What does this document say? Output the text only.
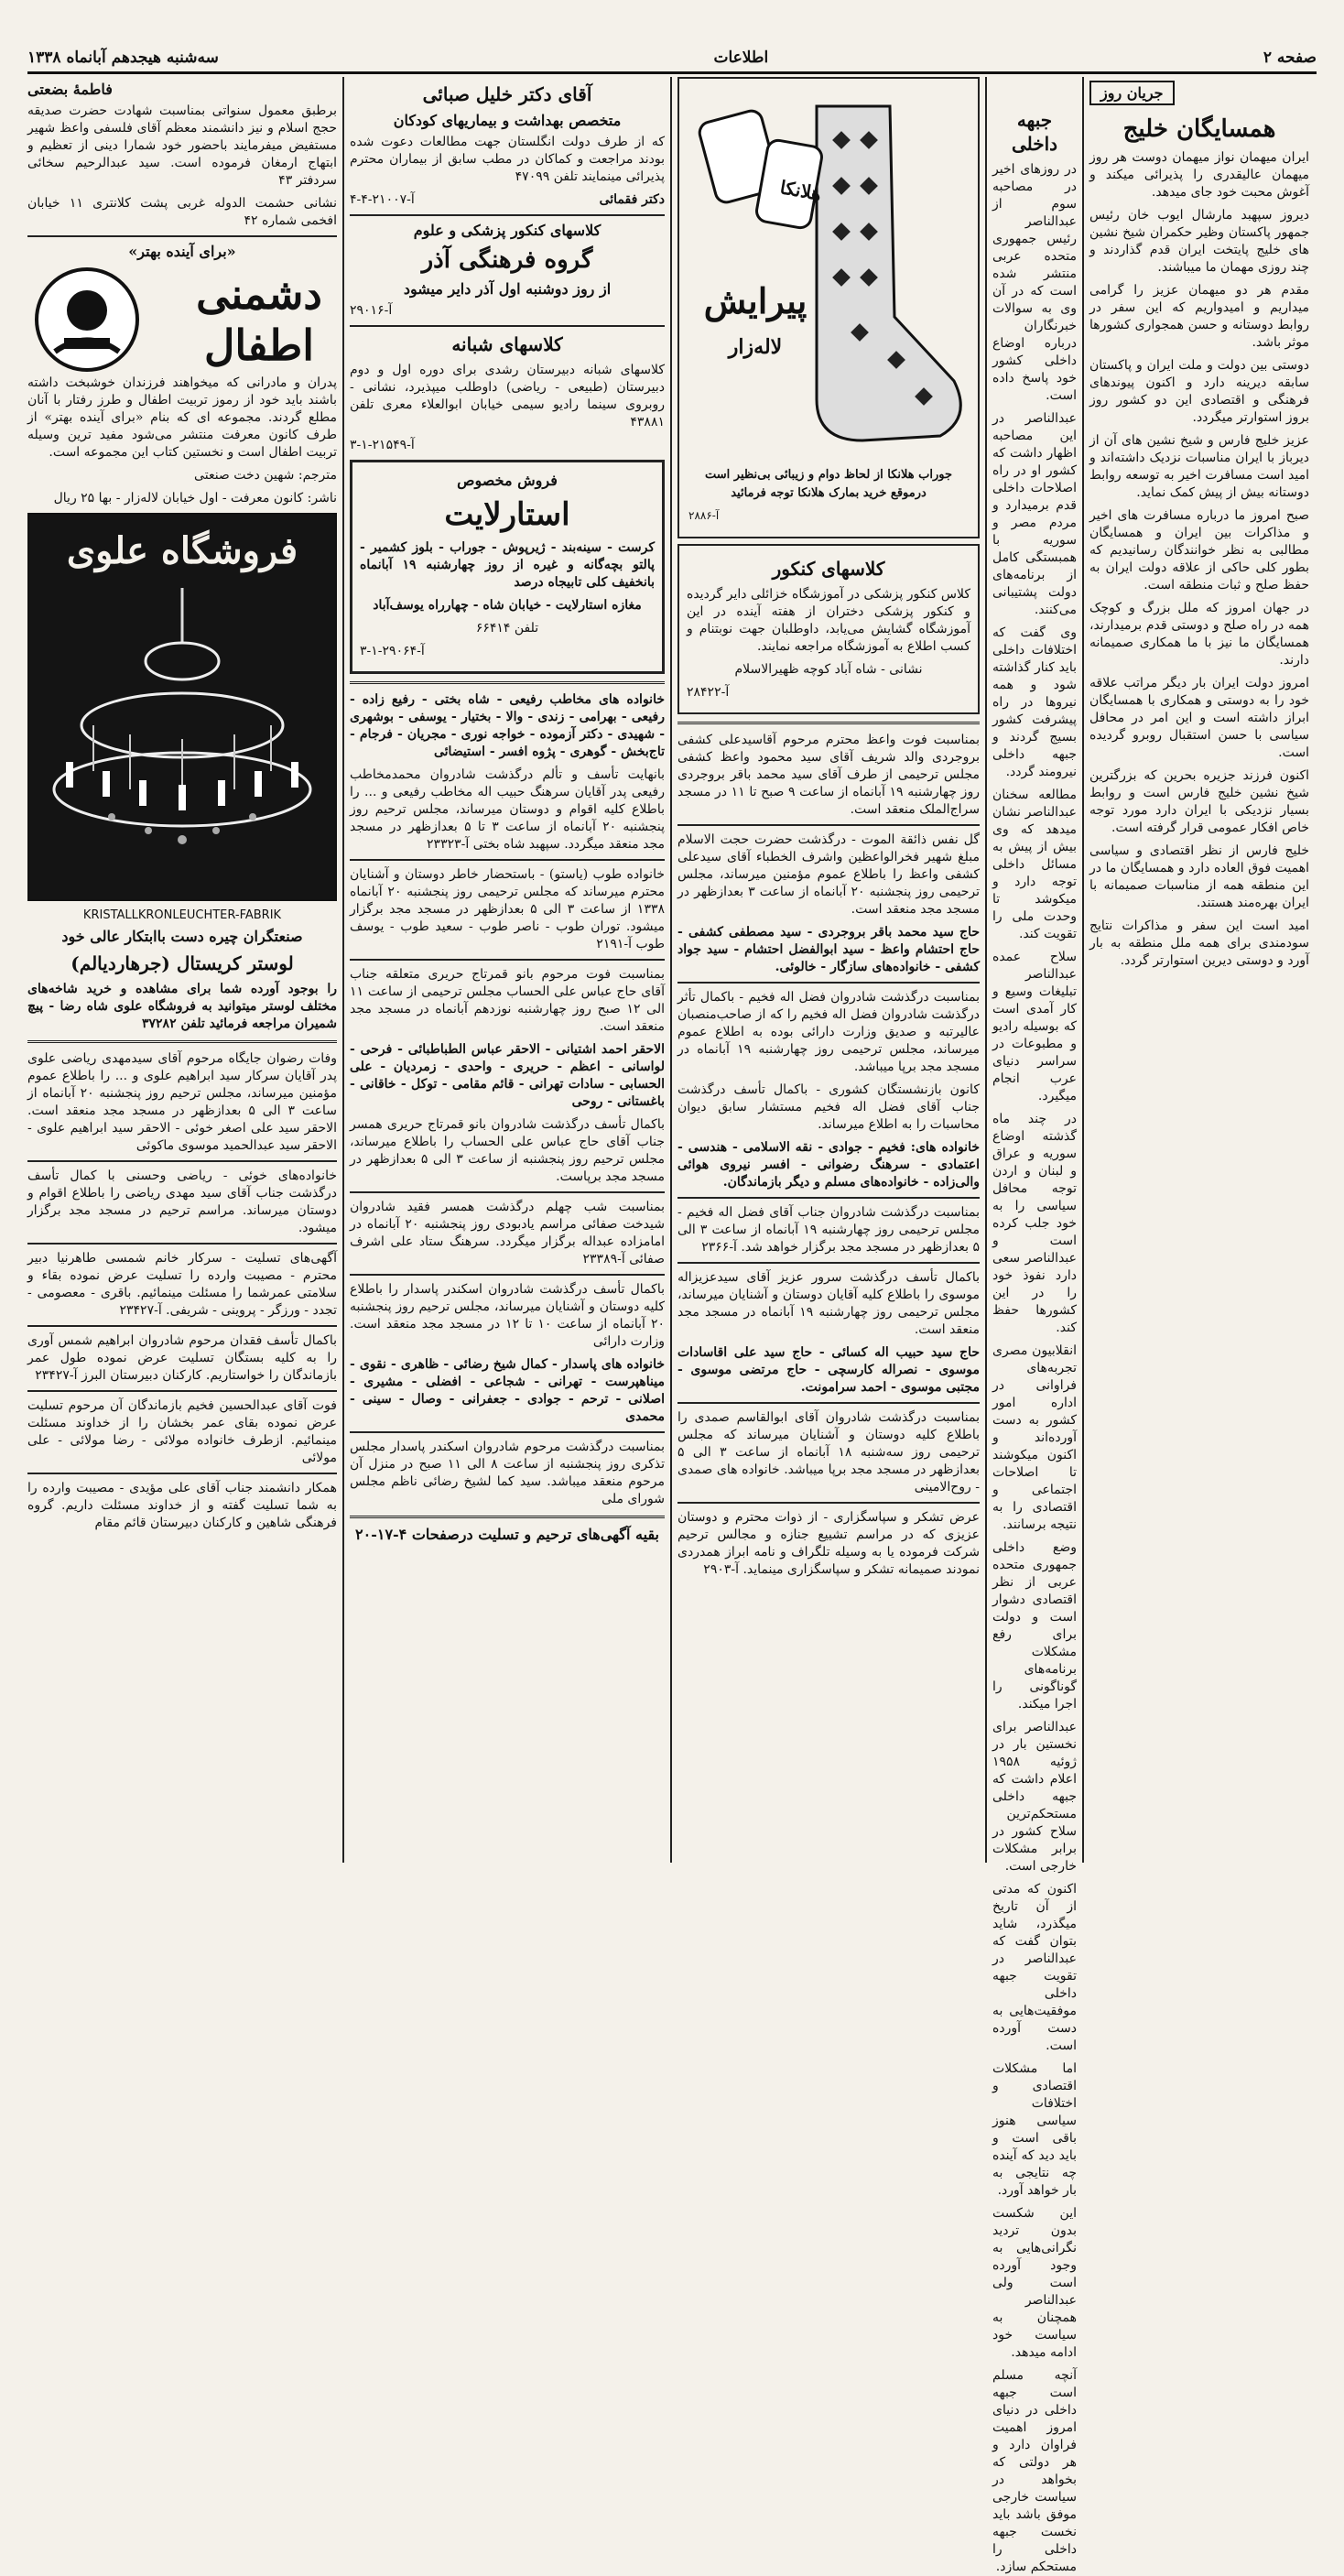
سه‌شنبه هیجدهم آبانماه ۱۳۳۸	اطلاعات	صفحه ۲
جریان روز
همسایگان خلیج

ایران میهمان نواز میهمان دوست هر روز میهمان عالیقدری را پذیرائی میکند و آغوش محبت خود جای میدهد.

دیروز سپهبد مارشال ایوب خان رئیس جمهور پاکستان وظیر حکمران شیخ نشین های خلیج پایتخت ایران قدم گذاردند و چند روزی مهمان ما میباشند.

مقدم هر دو میهمان عزیز را گرامی میداریم و امیدواریم که این سفر در روابط دوستانه و حسن همجواری کشورها موثر باشد.

دوستی بین دولت و ملت ایران و پاکستان سابقه دیرینه دارد و اکنون پیوندهای فرهنگی و اقتصادی این دو کشور روز بروز استوارتر میگردد.

عزیز خلیج فارس و شیخ نشین های آن از دیرباز با ایران مناسبات نزدیک داشته‌اند و امید است مسافرت اخیر به توسعه روابط دوستانه بیش از پیش کمک نماید.

صبح امروز ما درباره مسافرت های اخیر و مذاکرات بین ایران و همسایگان مطالبی به نظر خوانندگان رسانیدیم که بطور کلی حاکی از علاقه دولت ایران به حفظ صلح و ثبات منطقه است.

در جهان امروز که ملل بزرگ و کوچک همه در راه صلح و دوستی قدم برمیدارند، همسایگان ما نیز با ما همکاری صمیمانه دارند.

امروز دولت ایران بار دیگر مراتب علاقه خود را به دوستی و همکاری با همسایگان ابراز داشته است و این امر در محافل سیاسی با حسن استقبال روبرو گردیده است.

اکنون فرزند جزیره بحرین که بزرگترین شیخ نشین خلیج فارس است و روابط بسیار نزدیکی با ایران دارد مورد توجه خاص افکار عمومی قرار گرفته است.

خلیج فارس از نظر اقتصادی و سیاسی اهمیت فوق العاده دارد و همسایگان ما در این منطقه همه از مناسبات صمیمانه با ایران بهره‌مند هستند.

امید است این سفر و مذاکرات نتایج سودمندی برای همه ملل منطقه به بار آورد و دوستی دیرین استوارتر گردد.

جبهه داخلی

در روزهای اخیر در مصاحبه سوم از عبدالناصر رئیس جمهوری متحده عربی منتشر شده است که در آن وی به سوالات خبرنگاران درباره اوضاع داخلی کشور خود پاسخ داده است.

عبدالناصر در این مصاحبه اظهار داشت که کشور او در راه اصلاحات داخلی قدم برمیدارد و مردم مصر و سوریه با همبستگی کامل از برنامه‌های دولت پشتیبانی می‌کنند.

وی گفت که اختلافات داخلی باید کنار گذاشته شود و همه نیروها در راه پیشرفت کشور بسیج گردند و جبهه داخلی نیرومند گردد.

مطالعه سخنان عبدالناصر نشان میدهد که وی بیش از پیش به مسائل داخلی توجه دارد و میکوشد تا وحدت ملی را تقویت کند.

سلاح عمده عبدالناصر تبلیغات وسیع و کار آمدی است که بوسیله رادیو و مطبوعات در سراسر دنیای عرب انجام میگیرد.

در چند ماه گذشته اوضاع سوریه و عراق و لبنان و اردن توجه محافل سیاسی را به خود جلب کرده است و عبدالناصر سعی دارد نفوذ خود را در این کشورها حفظ کند.

انقلابیون مصری تجربه‌های فراوانی در اداره امور کشور به دست آورده‌اند و اکنون میکوشند تا اصلاحات اجتماعی و اقتصادی را به نتیجه برسانند.

وضع داخلی جمهوری متحده عربی از نظر اقتصادی دشوار است و دولت برای رفع مشکلات برنامه‌های گوناگونی را اجرا میکند.

عبدالناصر برای نخستین بار در ژوئیه ۱۹۵۸ اعلام داشت که جبهه داخلی مستحکم‌ترین سلاح کشور در برابر مشکلات خارجی است.

اکنون که مدتی از آن تاریخ میگذرد، شاید بتوان گفت که عبدالناصر در تقویت جبهه داخلی موفقیت‌هایی به دست آورده است.

اما مشکلات اقتصادی و اختلافات سیاسی هنوز باقی است و باید دید که آینده چه نتایجی به بار خواهد آورد.

این شکست بدون تردید نگرانی‌هایی به وجود آورده است ولی عبدالناصر همچنان به سیاست خود ادامه میدهد.

آنچه مسلم است جبهه داخلی در دنیای امروز اهمیت فراوان دارد و هر دولتی که بخواهد در سیاست خارجی موفق باشد باید نخست جبهه داخلی را مستحکم سازد.

هلانکا
پیرایش
لاله‌زار
جوراب هلانکا از لحاظ دوام و زیبائی بی‌نظیر است
درموقع خرید بمارک هلانکا توجه فرمائید
آ-۲۸۸۶
کلاسهای کنکور

کلاس کنکور پزشکی در آموزشگاه خزائلی دایر گردیده و کنکور پزشکی دختران از هفته آینده در این آموزشگاه گشایش می‌یابد، داوطلبان جهت نوبتنام و کسب اطلاع به آموزشگاه مراجعه نمایند.

نشانی - شاه آباد کوچه ظهیرالاسلام

آ-۲۸۴۲۲

بمناسبت فوت واعظ محترم مرحوم آقاسیدعلی کشفی بروجردی والد شریف آقای سید محمود واعظ کشفی مجلس ترحیمی از طرف آقای سید محمد باقر بروجردی روز چهارشنبه ۱۹ آبانماه از ساعت ۹ صبح تا ۱۱ در مسجد سراج‌الملک منعقد است.

گل نفس ذائقة الموت - درگذشت حضرت حجت الاسلام مبلغ شهیر فخرالواعظین واشرف الخطباء آقای سیدعلی کشفی واعظ را باطلاع عموم مؤمنین میرساند، مجلس ترحیمی روز پنجشنبه ۲۰ آبانماه از ساعت ۳ بعدازظهر در مسجد مجد منعقد است.

حاج سید محمد باقر بروجردی - سید مصطفی کشفی - حاج احتشام واعظ - سید ابوالفضل احتشام - سید جواد کشفی - خانواده‌های سازگار - خالوئی.

بمناسبت درگذشت شادروان فضل اله فخیم - باکمال تأثر درگذشت شادروان فضل اله فخیم را که از صاحب‌منصبان عالیرتبه و صدیق وزارت دارائی بوده به اطلاع عموم میرساند، مجلس ترحیمی روز چهارشنبه ۱۹ آبانماه در مسجد مجد برپا میباشد.

کانون بازنشستگان کشوری - باکمال تأسف درگذشت جناب آقای فضل اله فخیم مستشار سابق دیوان محاسبات را به اطلاع میرساند.

خانواده های: فخیم - جوادی - نقه الاسلامی - هندسی - اعتمادی - سرهنگ رضوانی - افسر نیروی هوائی والی‌زاده - خانواده‌های مسلم و دیگر بازماندگان.

بمناسبت درگذشت شادروان جناب آقای فضل اله فخیم - مجلس ترحیمی روز چهارشنبه ۱۹ آبانماه از ساعت ۳ الی ۵ بعدازظهر در مسجد مجد برگزار خواهد شد. آ-۲۳۶۶

باکمال تأسف درگذشت سرور عزیز آقای سیدعزیزاله موسوی را باطلاع کلیه آقایان دوستان و آشنایان میرساند، مجلس ترحیمی روز چهارشنبه ۱۹ آبانماه در مسجد مجد منعقد است.

حاج سید حبیب اله کسائی - حاج سید علی اقاسادات موسوی - نصراله کارسچی - حاج مرتضی موسوی - مجتبی موسوی - احمد سرامونت.

بمناسبت درگذشت شادروان آقای ابوالقاسم صمدی را باطلاع کلیه دوستان و آشنایان میرساند که مجلس ترحیمی روز سه‌شنبه ۱۸ آبانماه از ساعت ۳ الی ۵ بعدازظهر در مسجد مجد برپا میباشد. خانواده های صمدی - روح‌الامینی

عرض تشکر و سپاسگزاری - از ذوات محترم و دوستان عزیزی که در مراسم تشییع جنازه و مجالس ترحیم شرکت فرموده یا به وسیله تلگراف و نامه ابراز همدردی نمودند صمیمانه تشکر و سپاسگزاری مینماید. آ-۲۹۰۳

آقای دکتر خلیل صبائی
متخصص بهداشت و بیماریهای کودکان

که از طرف دولت انگلستان جهت مطالعات دعوت شده بودند مراجعت و کماکان در مطب سابق از بیماران محترم پذیرائی مینمایند تلفن ۴۷۰۹۹

دکتر فقمائی
آ-۲۱۰۰۷-۴-۴

کلاسهای کنکور پزشکی و علوم
گروه فرهنگی آذر
از روز دوشنبه اول آذر دایر میشود

آ-۲۹۰۱۶

کلاسهای شبانه

کلاسهای شبانه دبیرستان رشدی برای دوره اول و دوم دبیرستان (طبیعی - ریاضی) داوطلب میپذیرد، نشانی - روبروی سینما رادیو سیمی خیابان ابوالعلاء معری تلفن ۴۳۸۸۱

آ-۲۱۵۴۹-۱-۳

فروش مخصوص
استارلایت

کرست - سینه‌بند - ژیرپوش - جوراب - بلوز کشمیر - پالتو بچه‌گانه و غیره از روز چهارشنبه ۱۹ آبانماه بانخفیف کلی تابیجاه درصد

مغازه استارلایت - خیابان شاه - چهارراه یوسف‌آباد

تلفن ۶۶۴۱۴

آ-۲۹۰۶۴-۱-۳

خانواده های مخاطب رفیعی - شاه بختی - رفیع زاده - رفیعی - بهرامی - زندی - والا - بختیار - یوسفی - بوشهری - شهیدی - دکتر آزموده - خواجه نوری - مجریان - فرجام - تاج‌بخش - گوهری - پژوه افسر - استیضائی

بانهایت تأسف و تألم درگذشت شادروان محمدمخاطب رفیعی پدر آقایان سرهنگ حبیب اله مخاطب رفیعی و ... را باطلاع کلیه اقوام و دوستان میرساند، مجلس ترحیم روز پنجشنبه ۲۰ آبانماه از ساعت ۳ تا ۵ بعدازظهر در مسجد مجد منعقد میگردد. سپهبد شاه بختی آ-۲۳۳۲۳

خانواده طوب (یاستو) - باستحضار خاطر دوستان و آشنایان محترم میرساند که مجلس ترحیمی روز پنجشنبه ۲۰ آبانماه ۱۳۳۸ از ساعت ۳ الی ۵ بعدازظهر در مسجد مجد برگزار میشود. توران طوب - ناصر طوب - سعید طوب - یوسف طوب آ-۲۱۹۱

بمناسبت فوت مرحوم بانو قمرتاج حریری متعلقه جناب آقای حاج عباس علی الحساب مجلس ترحیمی از ساعت ۱۱ الی ۱۲ صبح روز چهارشنبه نوزدهم آبانماه در مسجد مجد منعقد است.

الاحقر احمد اشتیانی - الاحقر عباس الطباطبائی - فرحی - لواسانی - اعظم - حریری - واحدی - زمردیان - علی الحسابی - سادات تهرانی - قائم مقامی - توکل - خاقانی - باغستانی - روحی

باکمال تأسف درگذشت شادروان بانو قمرتاج حریری همسر جناب آقای حاج عباس علی الحساب را باطلاع میرساند، مجلس ترحیم روز پنجشنبه از ساعت ۳ الی ۵ بعدازظهر در مسجد مجد برپاست.

بمناسبت شب چهلم درگذشت همسر فقید شادروان شیدخت صفائی مراسم یادبودی روز پنجشنبه ۲۰ آبانماه در امامزاده عبداله برگزار میگردد. سرهنگ ستاد علی اشرف صفائی آ-۲۳۳۸۹

باکمال تأسف درگذشت شادروان اسکندر پاسدار را باطلاع کلیه دوستان و آشنایان میرساند، مجلس ترحیم روز پنجشنبه ۲۰ آبانماه از ساعت ۱۰ تا ۱۲ در مسجد مجد منعقد است. وزارت دارائی

خانواده های پاسدار - کمال شیخ رضائی - ظاهری - نقوی - میناهپرست - تهرانی - شجاعی - افضلی - مشیری - اصلانی - ترحم - جوادی - جعفرانی - وصال - سینی - محمدی

بمناسبت درگذشت مرحوم شادروان اسکندر پاسدار مجلس تذکری روز پنجشنبه از ساعت ۸ الی ۱۱ صبح در منزل آن مرحوم منعقد میباشد. سید کما لشیخ رضائی ناظم مجلس شورای ملی

بقیه آگهی‌های ترحیم و تسلیت درصفحات ۴-۱۷-۲۰
فاطمهٔ بضعتی

برطبق معمول سنواتی بمناسبت شهادت حضرت صدیقه حجج اسلام و نیز دانشمند معظم آقای فلسفی واعظ شهیر مستفیض میفرمایند باحضور خود شمارا دینی از تعظیم و ابتهاج ارمغان فرموده است. سید عبدالرحیم سخائی سردفتر ۴۳

نشانی حشمت الدوله غربی پشت کلانتری ۱۱ خیابان افخمی شماره ۴۲

«برای آینده بهتر»
دشمنی
اطفال

پدران و مادرانی که میخواهند فرزندان خوشبخت داشته باشند باید خود از رموز تربیت اطفال و طرز رفتار با آنان مطلع گردند. مجموعه ای که بنام «برای آینده بهتر» از طرف کانون معرفت منتشر می‌شود مفید ترین وسیله تربیت اطفال است و نخستین کتاب این مجموعه است.

مترجم: شهین دخت صنعتی

ناشر: کانون معرفت - اول خیابان لاله‌زار - بها ۲۵ ریال

فروشگاه علوی

KRISTALLKRONLEUCHTER-FABRIK

صنعتگران چیره دست باابتکار عالی خود
لوستر کریستال (جرهاردیالم)

را بوجود آورده شما برای مشاهده و خرید شاخه‌های مختلف لوستر میتوانید به فروشگاه علوی شاه رضا - پیچ شمیران مراجعه فرمائید تلفن ۳۷۲۸۲

وفات رضوان جایگاه مرحوم آقای سیدمهدی ریاضی علوی پدر آقایان سرکار سید ابراهیم علوی و ... را باطلاع عموم مؤمنین میرساند، مجلس ترحیم روز پنجشنبه ۲۰ آبانماه از ساعت ۳ الی ۵ بعدازظهر در مسجد مجد منعقد است. الاحقر سید علی اصغر خوئی - الاحقر سید ابراهیم علوی - الاحقر سید عبدالحمید موسوی ماکوئی

خانواده‌های خوئی - ریاضی وحسنی با کمال تأسف درگذشت جناب آقای سید مهدی ریاضی را باطلاع اقوام و دوستان میرساند. مراسم ترحیم در مسجد مجد برگزار میشود.

آگهی‌های تسلیت - سرکار خانم شمسی طاهرنیا دبیر محترم - مصیبت وارده را تسلیت عرض نموده بقاء و سلامتی عمرشما را مسئلت مینمائیم. باقری - معصومی - تجدد - ورزگر - پروینی - شریفی. آ-۲۳۴۲۷

باکمال تأسف فقدان مرحوم شادروان ابراهیم شمس آوری را به کلیه بستگان تسلیت عرض نموده طول عمر بازماندگان را خواستاریم. کارکنان دبیرستان البرز آ-۲۳۴۲۷

فوت آقای عبدالحسین فخیم بازماندگان آن مرحوم تسلیت عرض نموده بقای عمر بخشان را از خداوند مسئلت مینمائیم. ازطرف خانواده مولائی - رضا مولائی - علی مولائی

همکار دانشمند جناب آقای علی مؤیدی - مصیبت وارده را به شما تسلیت گفته و از خداوند مسئلت داریم. گروه فرهنگی شاهین و کارکنان دبیرستان قائم مقام
